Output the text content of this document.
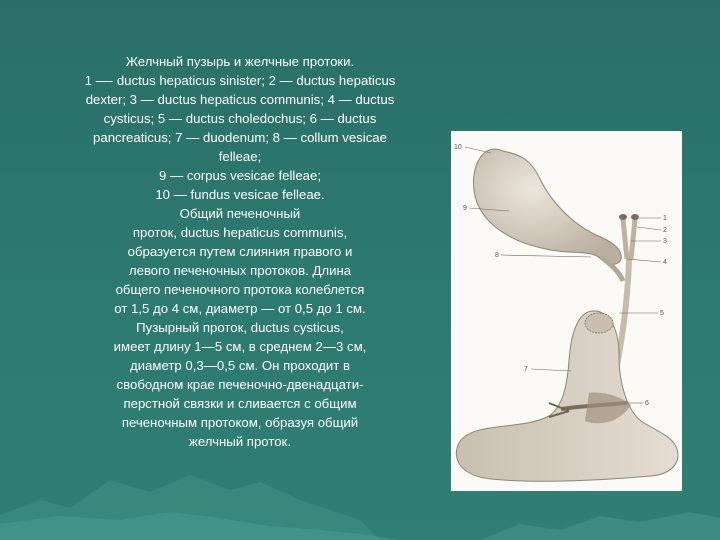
Желчный пузырь и желчные протоки.
1 —- ductus hepaticus sinister; 2 — ductus hepaticus
dexter; 3 — ductus hepaticus communis; 4 — ductus
cysticus; 5 — ductus choledochus; 6 — ductus
pancreaticus; 7 — duodenum; 8 — collum vesicae
felleae;
9 — corpus vesicae felleae;
10 — fundus vesicae felleae.
Общий печеночный
проток, ductus hepaticus communis,
образуется путем слияния правого и
левого печеночных протоков. Длина
общего печеночного протока колеблется
от 1,5 до 4 см, диаметр — от 0,5 до 1 см.
Пузырный проток, ductus cysticus,
имеет длину 1—5 см, в среднем 2—3 см,
диаметр 0,3—0,5 см. Он проходит в
свободном крае печеночно-двенадцати-
перстной связки и сливается с общим
печеночным протоком, образуя общий
желчный проток.
10
9
8
1
2
3
4
5
7
6
